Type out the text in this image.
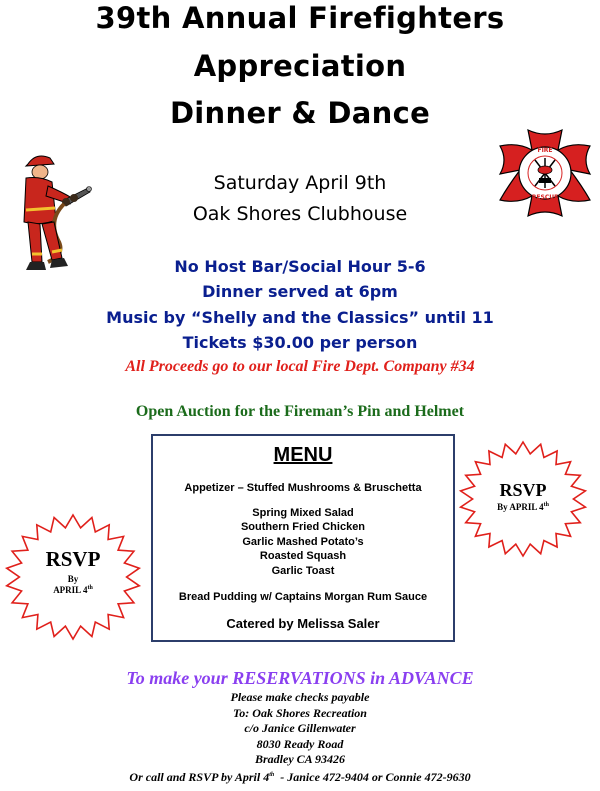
39th Annual Firefighters
Appreciation
Dinner & Dance
FIRE
RESCUE
Saturday April 9th
Oak Shores Clubhouse
No Host Bar/Social Hour 5-6
Dinner served at 6pm
Music by “Shelly and the Classics” until 11
Tickets $30.00 per person
All Proceeds go to our local Fire Dept. Company #34
Open Auction for the Fireman’s Pin and Helmet
MENU
Appetizer – Stuffed Mushrooms & Bruschetta
Spring Mixed Salad
Southern Fried Chicken
Garlic Mashed Potato’s
Roasted Squash
Garlic Toast
Bread Pudding w/ Captains Morgan Rum Sauce
Catered by Melissa Saler
RSVP
By APRIL 4th
RSVP
By
APRIL 4th
To make your RESERVATIONS in ADVANCE
Please make checks payable
To: Oak Shores Recreation
c/o Janice Gillenwater
8030 Ready Road
Bradley CA 93426
Or call and RSVP by April 4th  - Janice 472-9404 or Connie 472-9630
